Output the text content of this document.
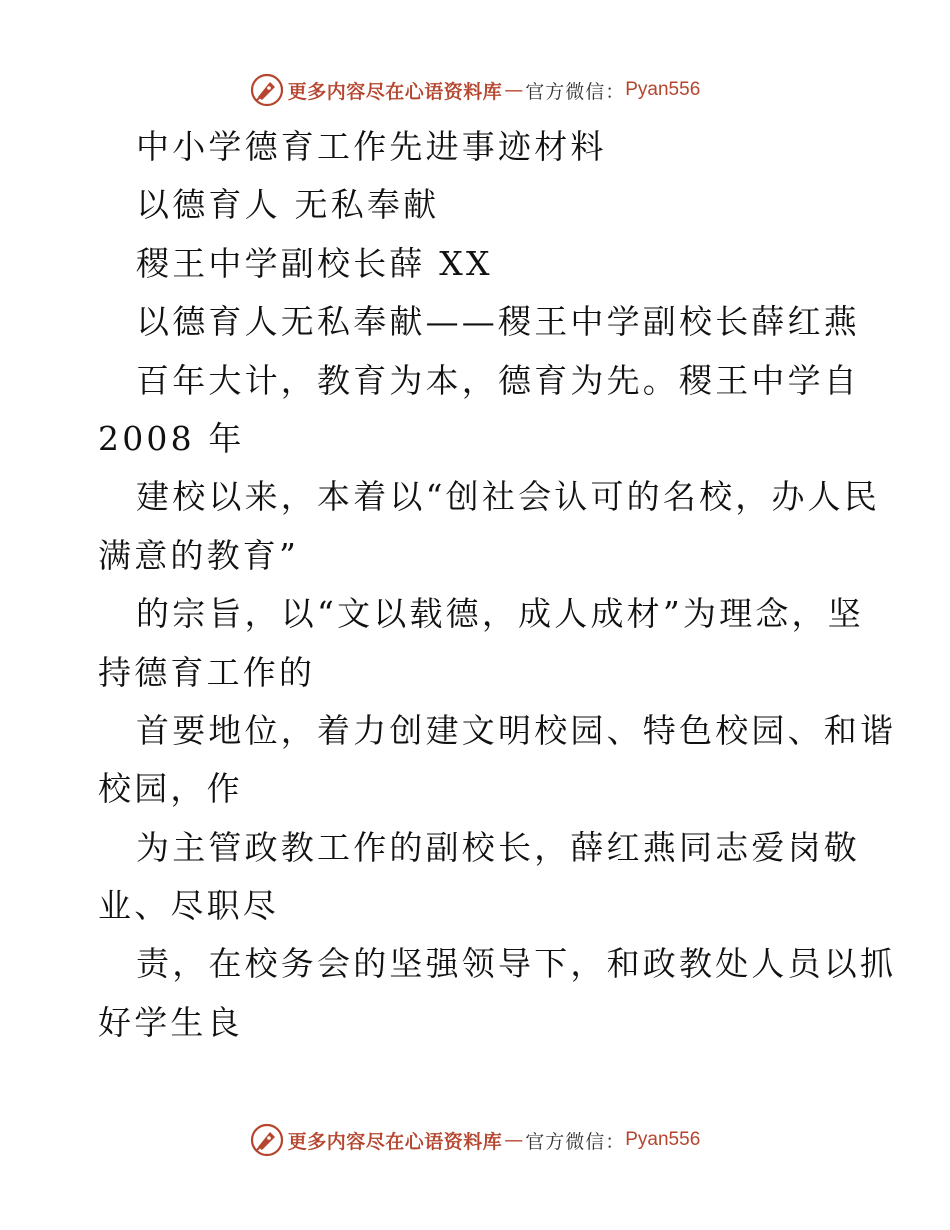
更多内容尽在心语资料库 — 官方微信： Pyan556
中小学德育工作先进事迹材料
以德育人 无私奉献
稷王中学副校长薛 XX
以德育人无私奉献——稷王中学副校长薛红燕
百年大计，教育为本，德育为先。稷王中学自
2008 年
建校以来，本着以“创社会认可的名校，办人民
满意的教育”
的宗旨，以“文以载德，成人成材”为理念，坚
持德育工作的
首要地位，着力创建文明校园、特色校园、和谐
校园，作
为主管政教工作的副校长，薛红燕同志爱岗敬
业、尽职尽
责，在校务会的坚强领导下，和政教处人员以抓
好学生良
更多内容尽在心语资料库 — 官方微信： Pyan556
